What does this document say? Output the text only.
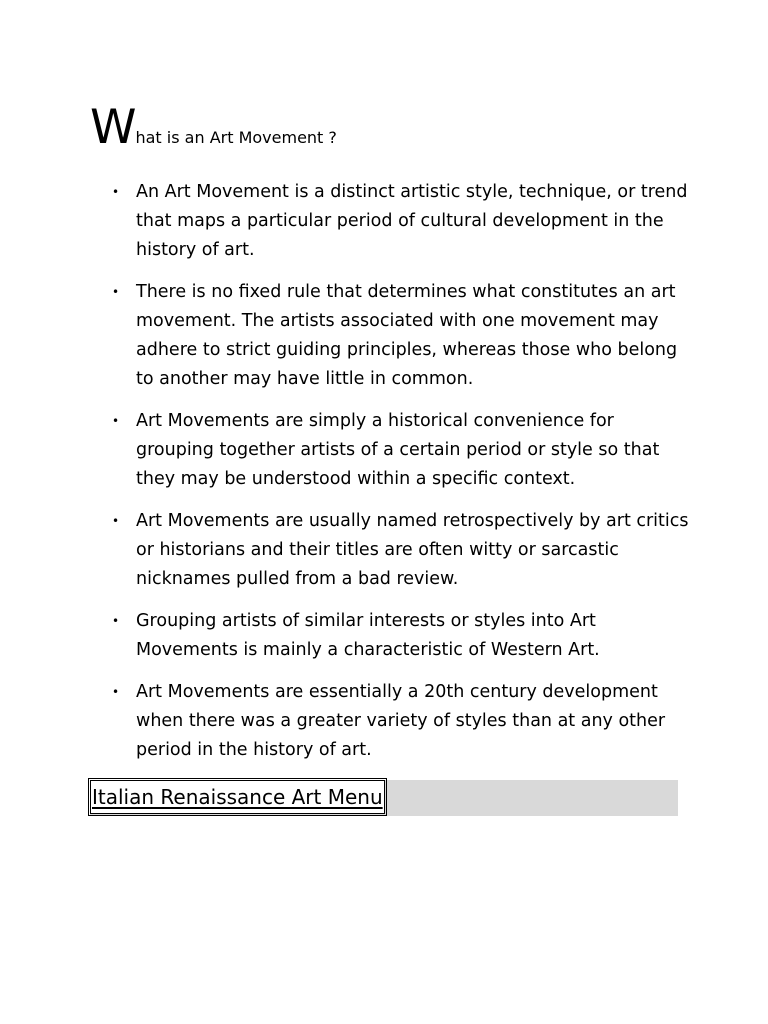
What is an Art Movement ?
• An Art Movement is a distinct artistic style, technique, or trend that maps a particular period of cultural development in the history of art.
• There is no fixed rule that determines what constitutes an art movement. The artists associated with one movement may adhere to strict guiding principles, whereas those who belong to another may have little in common.
• Art Movements are simply a historical convenience for grouping together artists of a certain period or style so that they may be understood within a specific context.
• Art Movements are usually named retrospectively by art critics or historians and their titles are often witty or sarcastic nicknames pulled from a bad review.
• Grouping artists of similar interests or styles into Art Movements is mainly a characteristic of Western Art.
• Art Movements are essentially a 20th century development when there was a greater variety of styles than at any other period in the history of art.
Italian Renaissance Art Menu
